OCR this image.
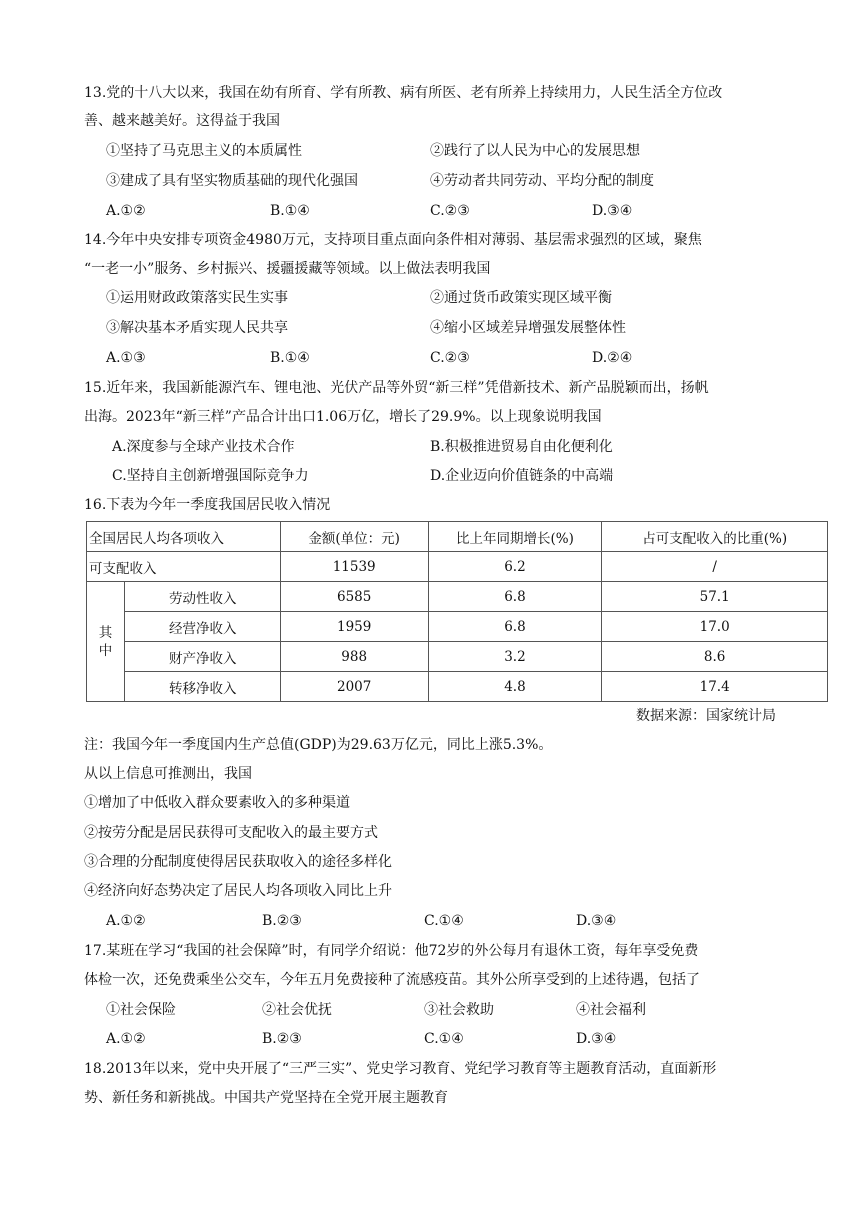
13.党的十八大以来，我国在幼有所育、学有所教、病有所医、老有所养上持续用力，人民生活全方位改
善、越来越美好。这得益于我国
①坚持了马克思主义的本质属性	②践行了以人民为中心的发展思想
③建成了具有坚实物质基础的现代化强国	④劳动者共同劳动、平均分配的制度
A.①②	B.①④	C.②③	D.③④
14.今年中央安排专项资金4980万元，支持项目重点面向条件相对薄弱、基层需求强烈的区域，聚焦
“一老一小”服务、乡村振兴、援疆援藏等领域。以上做法表明我国
①运用财政政策落实民生实事	②通过货币政策实现区域平衡
③解决基本矛盾实现人民共享	④缩小区域差异增强发展整体性
A.①③	B.①④	C.②③	D.②④
15.近年来，我国新能源汽车、锂电池、光伏产品等外贸“新三样”凭借新技术、新产品脱颖而出，扬帆
出海。2023年“新三样”产品合计出口1.06万亿，增长了29.9%。以上现象说明我国
A.深度参与全球产业技术合作	B.积极推进贸易自由化便利化
C.坚持自主创新增强国际竞争力	D.企业迈向价值链条的中高端
16.下表为今年一季度我国居民收入情况
全国居民人均各项收入		金额(单位：元)	比上年同期增长(%)	占可支配收入的比重(%)
可支配收入		11539	6.2	/

其中	劳动性收入	6585	6.8	57.1
	经营净收入	1959	6.8	17.0
	财产净收入	988	3.2	8.6
	转移净收入	2007	4.8	17.4
数据来源：国家统计局
注：我国今年一季度国内生产总值(GDP)为29.63万亿元，同比上涨5.3%。
从以上信息可推测出，我国
①增加了中低收入群众要素收入的多种渠道
②按劳分配是居民获得可支配收入的最主要方式
③合理的分配制度使得居民获取收入的途径多样化
④经济向好态势决定了居民人均各项收入同比上升
A.①②	B.②③	C.①④	D.③④
17.某班在学习“我国的社会保障”时，有同学介绍说：他72岁的外公每月有退休工资，每年享受免费
体检一次，还免费乘坐公交车，今年五月免费接种了流感疫苗。其外公所享受到的上述待遇，包括了
①社会保险	②社会优抚	③社会救助	④社会福利
A.①②	B.②③	C.①④	D.③④
18.2013年以来，党中央开展了“三严三实”、党史学习教育、党纪学习教育等主题教育活动，直面新形
势、新任务和新挑战。中国共产党坚持在全党开展主题教育
